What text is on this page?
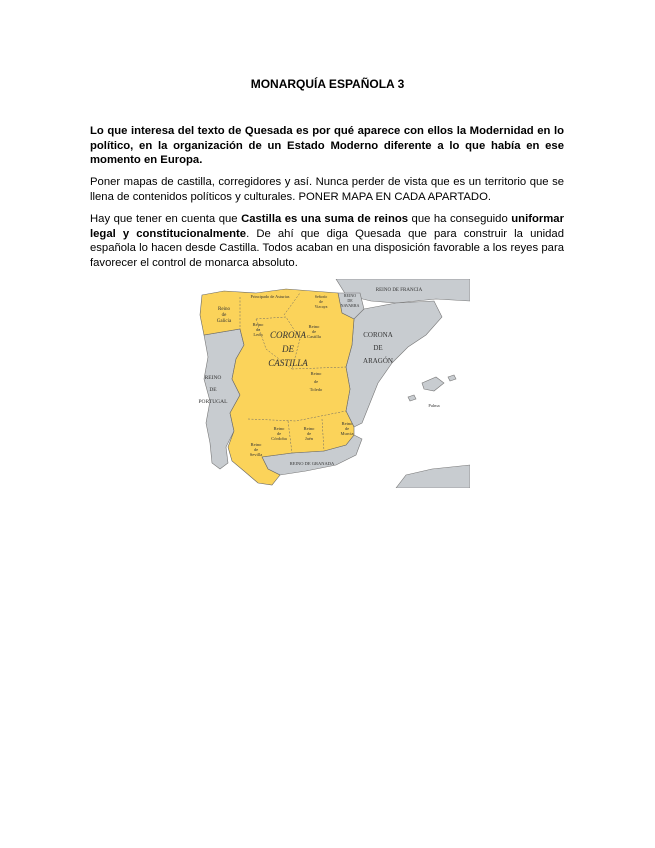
MONARQUÍA ESPAÑOLA 3

Lo que interesa del texto de Quesada es por qué aparece con ellos la Modernidad en lo político, en la organización de un Estado Moderno diferente a lo que había en ese momento en Europa.

Poner mapas de castilla, corregidores y así. Nunca perder de vista que es un territorio que se llena de contenidos políticos y culturales. PONER MAPA EN CADA APARTADO.

Hay que tener en cuenta que Castilla es una suma de reinos que ha conseguido uniformar legal y constitucionalmente. De ahí que diga Quesada que para construir la unidad española lo hacen desde Castilla. Todos acaban en una disposición favorable a los reyes para favorecer el control de monarca absoluto.

Reino de Galicia
Principado de Asturias	REINO DE NAVARRA
Señorío de Vizcaya
REINO DE FRANCIA
CORONA DE CASTILLA
Reino de León
Reino de Castilla	CORONA DE ARAGÓN
REINO DE PORTUGAL
Reino de Toledo
Palma
Reino de Córdoba
Reino de Jaén
Reino de Murcia
Reino de Sevilla
REINO DE GRANADA
